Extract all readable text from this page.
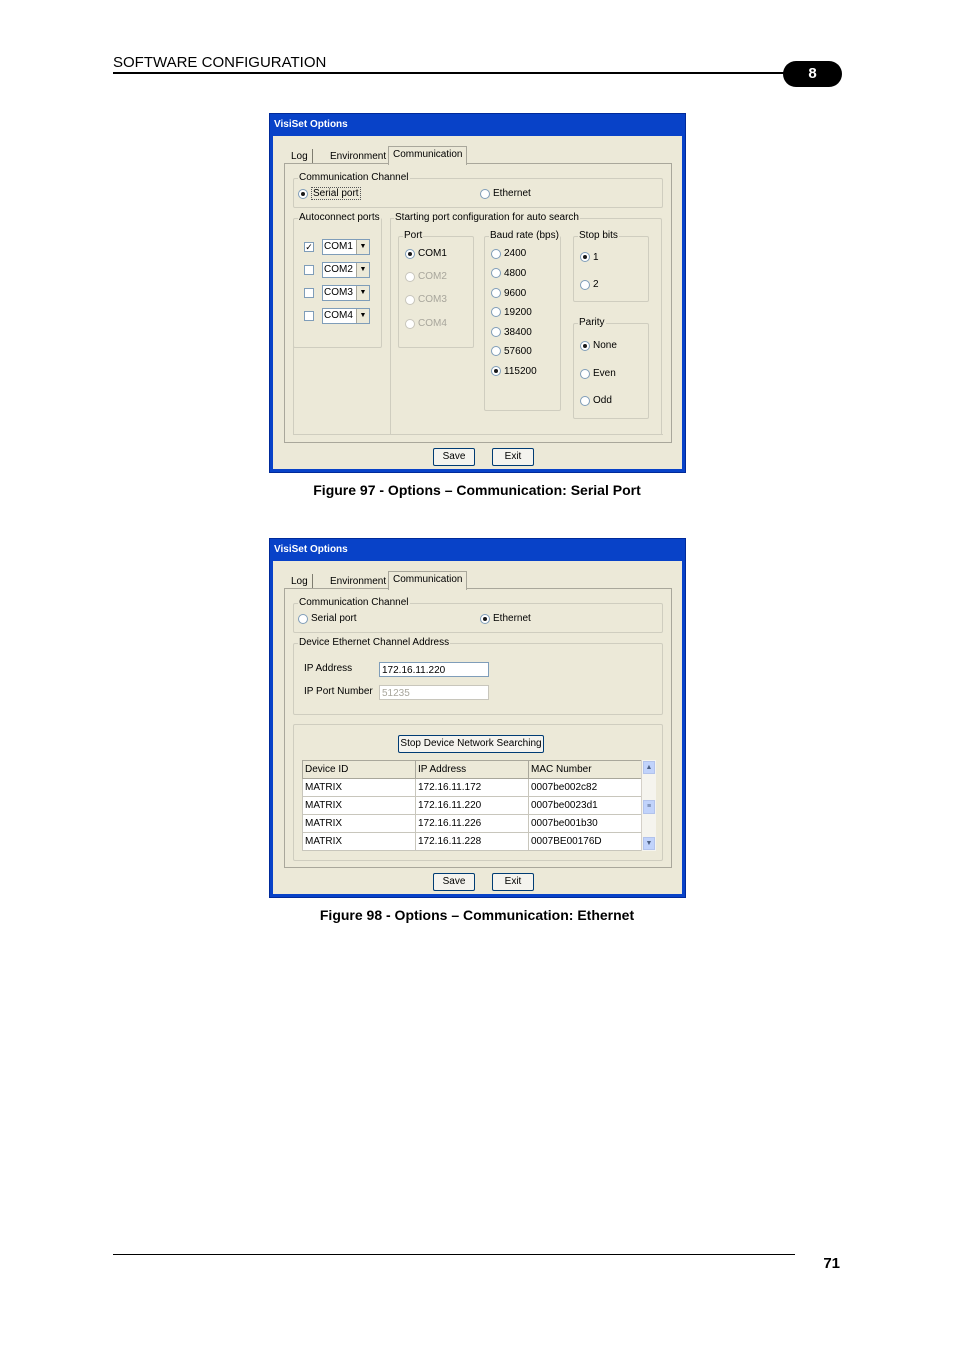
SOFTWARE CONFIGURATION
8
VisiSet Options
Log	Environment Communication
Communication Channel
Serial port	Ethernet
Autoconnect ports
✓ COM1 ▼
COM2 ▼
COM3 ▼
COM4 ▼
Starting port configuration for auto search
Port
COM1
COM2
COM3
COM4
Baud rate (bps)
2400
4800
9600
19200
38400
57600
115200
Stop bits
1
2
Parity
None
Even
Odd
Save	Exit
Figure 97 - Options – Communication: Serial Port
VisiSet Options
Log	Environment Communication
Communication Channel
Serial port	Ethernet
Device Ethernet Channel Address
IP Address	172.16.11.220
IP Port Number 51235
Stop Device Network Searching
Device ID	IP Address	MAC Number
MATRIX	172.16.11.172	0007be002c82
MATRIX	172.16.11.220	0007be0023d1
MATRIX	172.16.11.226	0007be001b30
MATRIX	172.16.11.228	0007BE00176D
▲
≡
▼
Save	Exit
Figure 98 - Options – Communication: Ethernet
71
